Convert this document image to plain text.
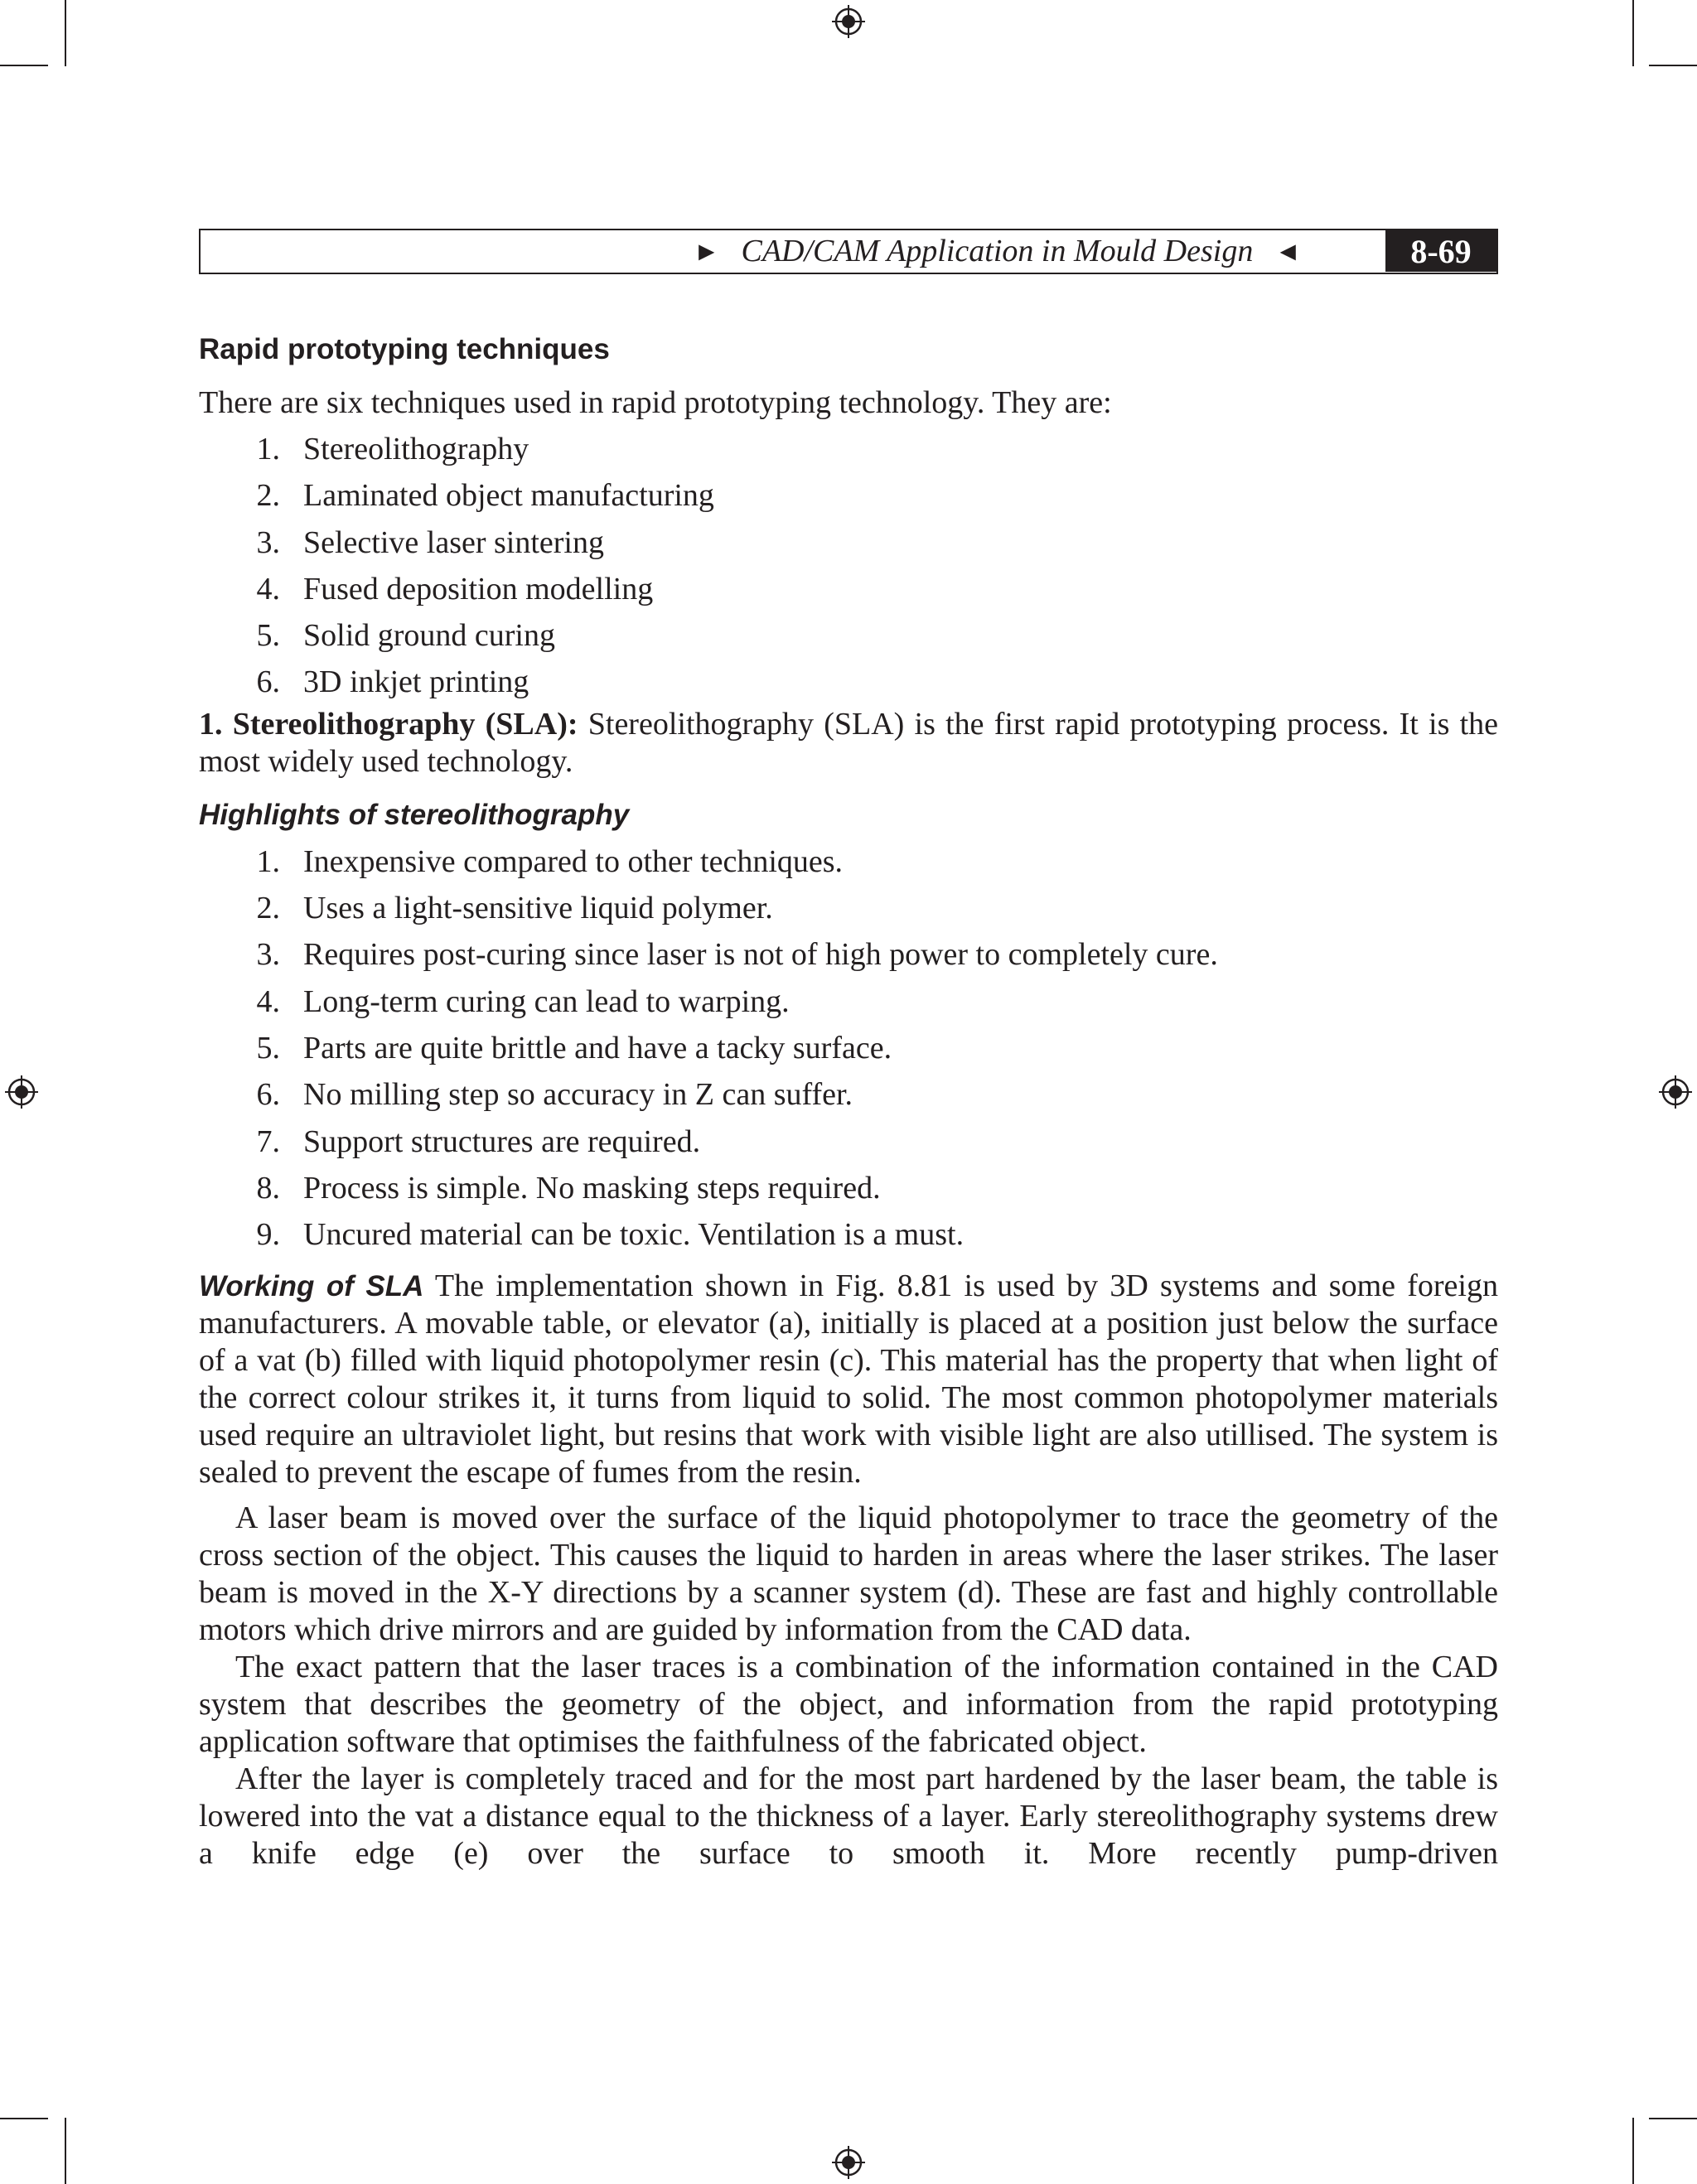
► CAD/CAM Application in Mould Design ◄	8-69
Rapid prototyping techniques

There are six techniques used in rapid prototyping technology. They are:

1. Stereolithography
2. Laminated object manufacturing
3. Selective laser sintering
4. Fused deposition modelling
5. Solid ground curing
6. 3D inkjet printing

1. Stereolithography (SLA): Stereolithography (SLA) is the first rapid prototyping process. It is the most widely used technology.

Highlights of stereolithography
1. Inexpensive compared to other techniques.
2. Uses a light-sensitive liquid polymer.
3. Requires post-curing since laser is not of high power to completely cure.
4. Long-term curing can lead to warping.
5. Parts are quite brittle and have a tacky surface.
6. No milling step so accuracy in Z can suffer.
7. Support structures are required.
8. Process is simple. No masking steps required.
9. Uncured material can be toxic. Ventilation is a must.

Working of SLA The implementation shown in Fig. 8.81 is used by 3D systems and some foreign manufacturers. A movable table, or elevator (a), initially is placed at a position just below the surface of a vat (b) filled with liquid photopolymer resin (c). This material has the property that when light of the correct colour strikes it, it turns from liquid to solid. The most common photopolymer materials used require an ultraviolet light, but resins that work with visible light are also utillised. The system is sealed to prevent the escape of fumes from the resin.

A laser beam is moved over the surface of the liquid photopolymer to trace the geometry of the cross section of the object. This causes the liquid to harden in areas where the laser strikes. The laser beam is moved in the X-Y directions by a scanner system (d). These are fast and highly controllable motors which drive mirrors and are guided by information from the CAD data.

The exact pattern that the laser traces is a combination of the information contained in the CAD system that describes the geometry of the object, and information from the rapid prototyping application software that optimises the faithfulness of the fabricated object.

After the layer is completely traced and for the most part hardened by the laser beam, the table is lowered into the vat a distance equal to the thickness of a layer. Early stereolithography systems drew a knife edge (e) over the surface to smooth it. More recently pump-driven
